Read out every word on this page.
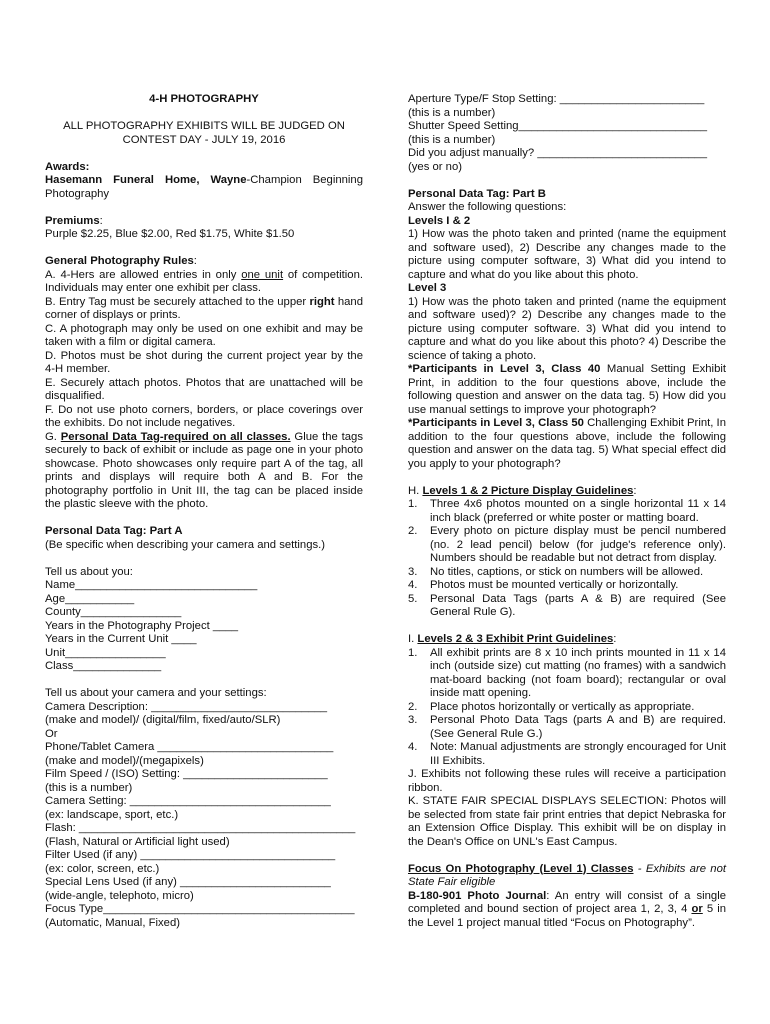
4-H PHOTOGRAPHY

ALL PHOTOGRAPHY EXHIBITS WILL BE JUDGED ON CONTEST DAY - JULY 19, 2016

Awards:

Hasemann Funeral Home, Wayne-Champion Beginning Photography

Premiums:

Purple $2.25, Blue $2.00, Red $1.75, White $1.50

General Photography Rules:

A. 4-Hers are allowed entries in only one unit of competition. Individuals may enter one exhibit per class.

B. Entry Tag must be securely attached to the upper right hand corner of displays or prints.

C. A photograph may only be used on one exhibit and may be taken with a film or digital camera.

D. Photos must be shot during the current project year by the 4-H member.

E. Securely attach photos. Photos that are unattached will be disqualified.

F. Do not use photo corners, borders, or place coverings over the exhibits. Do not include negatives.

G. Personal Data Tag-required on all classes. Glue the tags securely to back of exhibit or include as page one in your photo showcase. Photo showcases only require part A of the tag, all prints and displays will require both A and B. For the photography portfolio in Unit III, the tag can be placed inside the plastic sleeve with the photo.

Personal Data Tag: Part A

(Be specific when describing your camera and settings.)

Tell us about you:

Name_____________________________

Age___________

County________________

Years in the Photography Project ____

Years in the Current Unit ____

Unit________________

Class______________

Tell us about your camera and your settings:

Camera Description: ____________________________

(make and model)/ (digital/film, fixed/auto/SLR)

Or

Phone/Tablet Camera ____________________________

(make and model)/(megapixels)

Film Speed / (ISO) Setting: _______________________

(this is a number)

Camera Setting: ________________________________

(ex: landscape, sport, etc.)

Flash: ____________________________________________

(Flash, Natural or Artificial light used)

Filter Used (if any) _______________________________

(ex: color, screen, etc.)

Special Lens Used (if any) ________________________

(wide-angle, telephoto, micro)

Focus Type________________________________________

(Automatic, Manual, Fixed)

Aperture Type/F Stop Setting: _______________________

(this is a number)

Shutter Speed Setting______________________________

(this is a number)

Did you adjust manually? ___________________________

(yes or no)

Personal Data Tag: Part B

Answer the following questions:

Levels I & 2

1) How was the photo taken and printed (name the equipment and software used), 2) Describe any changes made to the picture using computer software, 3) What did you intend to capture and what do you like about this photo.

Level 3

1) How was the photo taken and printed (name the equipment and software used)? 2) Describe any changes made to the picture using computer software. 3) What did you intend to capture and what do you like about this photo? 4) Describe the science of taking a photo.

*Participants in Level 3, Class 40 Manual Setting Exhibit Print, in addition to the four questions above, include the following question and answer on the data tag. 5) How did you use manual settings to improve your photograph?

*Participants in Level 3, Class 50 Challenging Exhibit Print, In addition to the four questions above, include the following question and answer on the data tag. 5) What special effect did you apply to your photograph?

H. Levels 1 & 2 Picture Display Guidelines:

1. Three 4x6 photos mounted on a single horizontal 11 x 14 inch black (preferred or white poster or matting board.
2. Every photo on picture display must be pencil numbered (no. 2 lead pencil) below (for judge's reference only). Numbers should be readable but not detract from display.
3. No titles, captions, or stick on numbers will be allowed.
4. Photos must be mounted vertically or horizontally.
5. Personal Data Tags (parts A & B) are required (See General Rule G).

I. Levels 2 & 3 Exhibit Print Guidelines:

1. All exhibit prints are 8 x 10 inch prints mounted in 11 x 14 inch (outside size) cut matting (no frames) with a sandwich mat-board backing (not foam board); rectangular or oval inside matt opening.
2. Place photos horizontally or vertically as appropriate.
3. Personal Photo Data Tags (parts A and B) are required. (See General Rule G.)
4. Note: Manual adjustments are strongly encouraged for Unit III Exhibits.

J. Exhibits not following these rules will receive a participation ribbon.

K. STATE FAIR SPECIAL DISPLAYS SELECTION: Photos will be selected from state fair print entries that depict Nebraska for an Extension Office Display. This exhibit will be on display in the Dean's Office on UNL's East Campus.

Focus On Photography (Level 1) Classes - Exhibits are not State Fair eligible

B-180-901 Photo Journal: An entry will consist of a single completed and bound section of project area 1, 2, 3, 4 or 5 in the Level 1 project manual titled “Focus on Photography”.
